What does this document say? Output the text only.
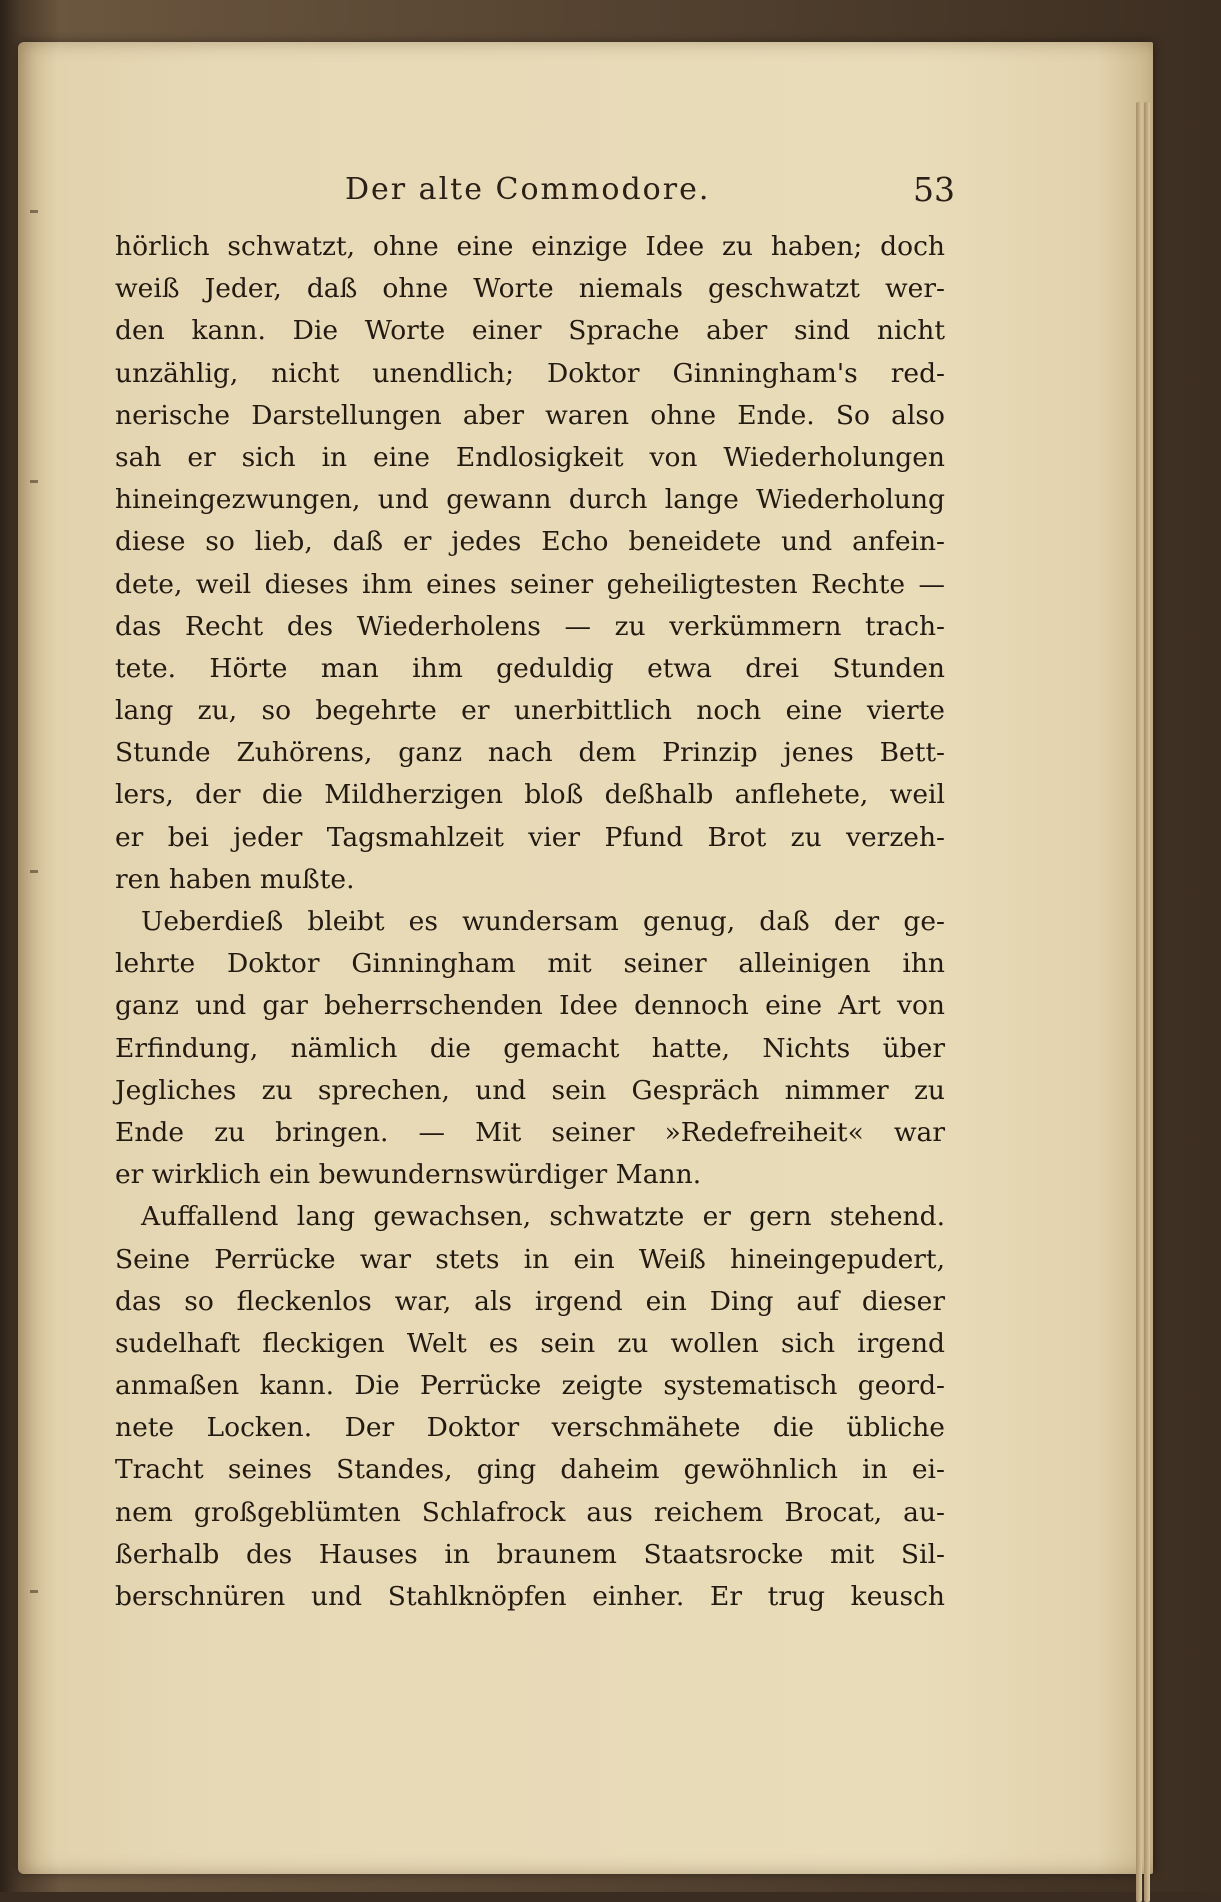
Der alte Commodore.	53
hörlich schwatzt, ohne eine einzige Idee zu haben; doch
weiß Jeder, daß ohne Worte niemals geschwatzt wer-
den kann. Die Worte einer Sprache aber sind nicht
unzählig, nicht unendlich; Doktor Ginningham's red-
nerische Darstellungen aber waren ohne Ende. So also
sah er sich in eine Endlosigkeit von Wiederholungen
hineingezwungen, und gewann durch lange Wiederholung
diese so lieb, daß er jedes Echo beneidete und anfein-
dete, weil dieses ihm eines seiner geheiligtesten Rechte —
das Recht des Wiederholens — zu verkümmern trach-
tete. Hörte man ihm geduldig etwa drei Stunden
lang zu, so begehrte er unerbittlich noch eine vierte
Stunde Zuhörens, ganz nach dem Prinzip jenes Bett-
lers, der die Mildherzigen bloß deßhalb anflehete, weil
er bei jeder Tagsmahlzeit vier Pfund Brot zu verzeh-
ren haben mußte.
Ueberdieß bleibt es wundersam genug, daß der ge-
lehrte Doktor Ginningham mit seiner alleinigen ihn
ganz und gar beherrschenden Idee dennoch eine Art von
Erfindung, nämlich die gemacht hatte, Nichts über
Jegliches zu sprechen, und sein Gespräch nimmer zu
Ende zu bringen. — Mit seiner »Redefreiheit« war
er wirklich ein bewundernswürdiger Mann.
Auffallend lang gewachsen, schwatzte er gern stehend.
Seine Perrücke war stets in ein Weiß hineingepudert,
das so fleckenlos war, als irgend ein Ding auf dieser
sudelhaft fleckigen Welt es sein zu wollen sich irgend
anmaßen kann. Die Perrücke zeigte systematisch geord-
nete Locken. Der Doktor verschmähete die übliche
Tracht seines Standes, ging daheim gewöhnlich in ei-
nem großgeblümten Schlafrock aus reichem Brocat, au-
ßerhalb des Hauses in braunem Staatsrocke mit Sil-
berschnüren und Stahlknöpfen einher. Er trug keusch
